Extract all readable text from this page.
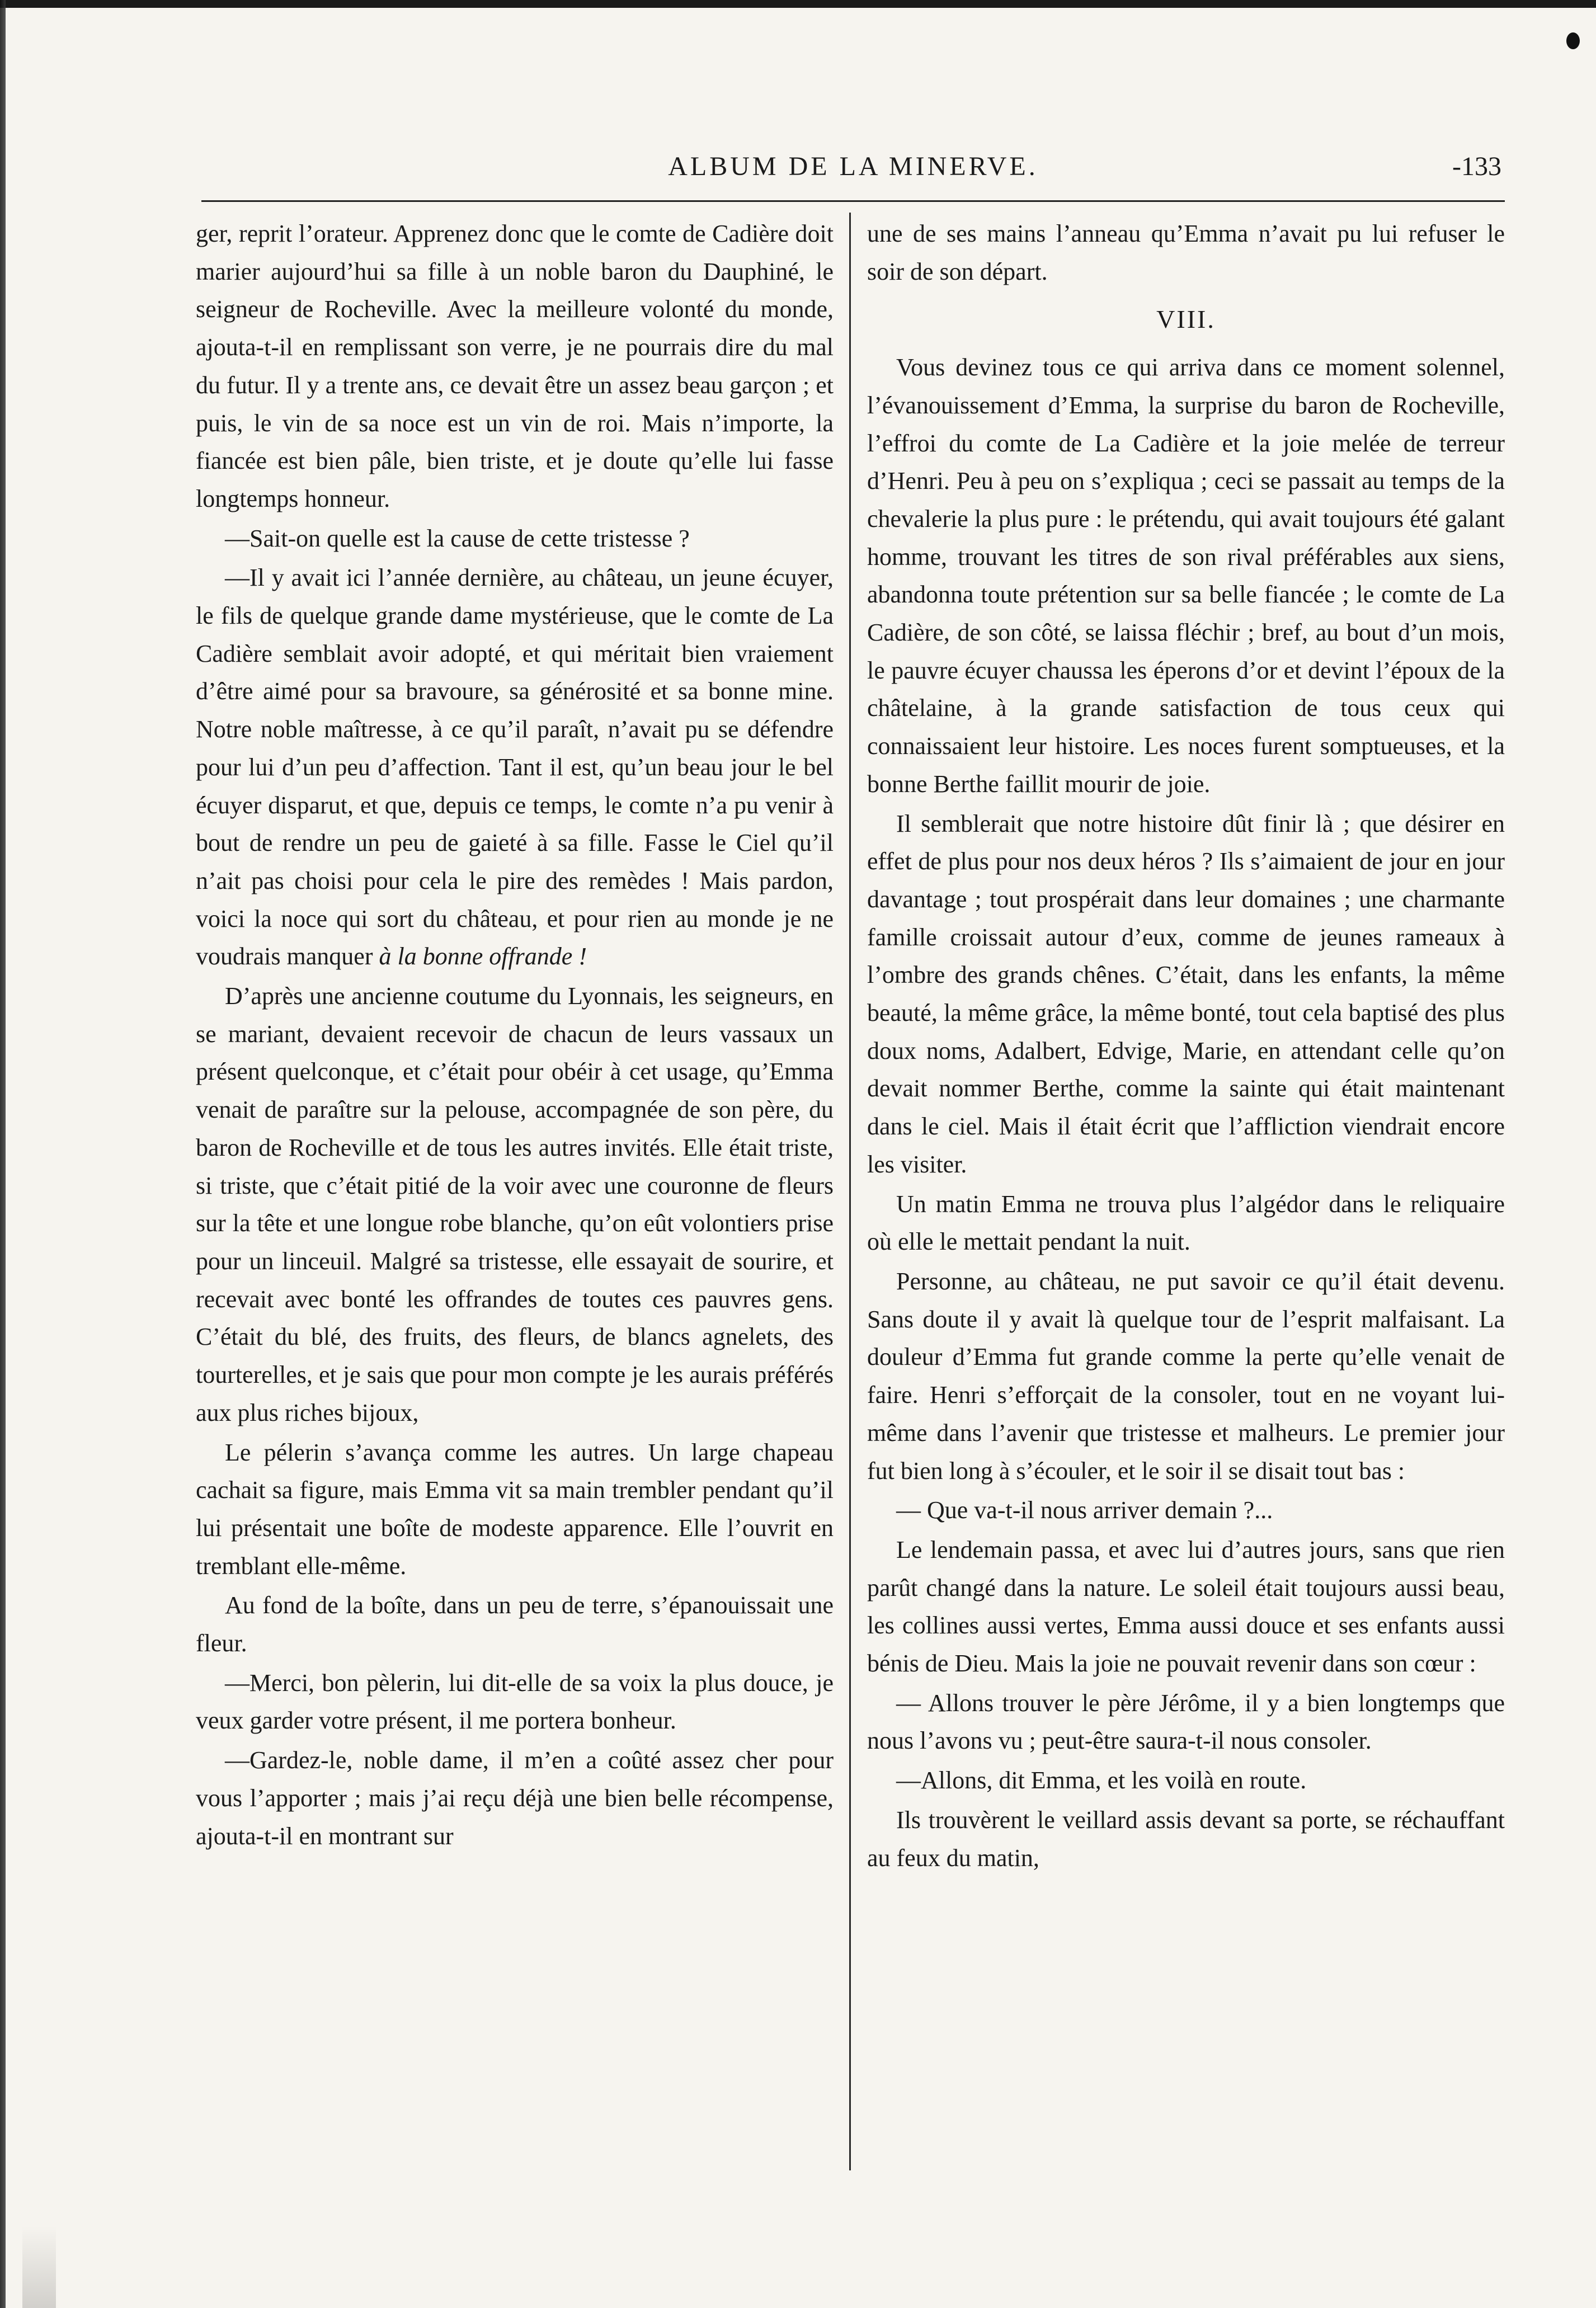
ALBUM DE LA MINERVE.	-133

ger, reprit l’orateur. Apprenez donc que le comte de Cadière doit marier aujourd’hui sa fille à un noble baron du Dauphiné, le seigneur de Rocheville. Avec la meilleure volonté du monde, ajouta-t-il en remplissant son verre, je ne pourrais dire du mal du futur. Il y a trente ans, ce devait être un assez beau garçon ; et puis, le vin de sa noce est un vin de roi. Mais n’importe, la fiancée est bien pâle, bien triste, et je doute qu’elle lui fasse longtemps honneur.

—Sait-on quelle est la cause de cette tristesse ?

—Il y avait ici l’année dernière, au château, un jeune écuyer, le fils de quelque grande dame mystérieuse, que le comte de La Cadière semblait avoir adopté, et qui méritait bien vraiement d’être aimé pour sa bravoure, sa générosité et sa bonne mine. Notre noble maîtresse, à ce qu’il paraît, n’avait pu se défendre pour lui d’un peu d’affection. Tant il est, qu’un beau jour le bel écuyer disparut, et que, depuis ce temps, le comte n’a pu venir à bout de rendre un peu de gaieté à sa fille. Fasse le Ciel qu’il n’ait pas choisi pour cela le pire des remèdes ! Mais pardon, voici la noce qui sort du château, et pour rien au monde je ne voudrais manquer à la bonne offrande !

D’après une ancienne coutume du Lyonnais, les seigneurs, en se mariant, devaient recevoir de chacun de leurs vassaux un présent quelconque, et c’était pour obéir à cet usage, qu’Emma venait de paraître sur la pelouse, accompagnée de son père, du baron de Rocheville et de tous les autres invités. Elle était triste, si triste, que c’était pitié de la voir avec une couronne de fleurs sur la tête et une longue robe blanche, qu’on eût volontiers prise pour un linceuil. Malgré sa tristesse, elle essayait de sourire, et recevait avec bonté les offrandes de toutes ces pauvres gens. C’était du blé, des fruits, des fleurs, de blancs agnelets, des tourterelles, et je sais que pour mon compte je les aurais préférés aux plus riches bijoux,

Le pélerin s’avança comme les autres. Un large chapeau cachait sa figure, mais Emma vit sa main trembler pendant qu’il lui présentait une boîte de modeste apparence. Elle l’ouvrit en tremblant elle-même.

Au fond de la boîte, dans un peu de terre, s’épanouissait une fleur.

—Merci, bon pèlerin, lui dit-elle de sa voix la plus douce, je veux garder votre présent, il me portera bonheur.

—Gardez-le, noble dame, il m’en a coûté assez cher pour vous l’apporter ; mais j’ai reçu déjà une bien belle récompense, ajouta-t-il en montrant sur

une de ses mains l’anneau qu’Emma n’avait pu lui refuser le soir de son départ.

VIII.

Vous devinez tous ce qui arriva dans ce moment solennel, l’évanouissement d’Emma, la surprise du baron de Rocheville, l’effroi du comte de La Cadière et la joie melée de terreur d’Henri. Peu à peu on s’expliqua ; ceci se passait au temps de la chevalerie la plus pure : le prétendu, qui avait toujours été galant homme, trouvant les titres de son rival préférables aux siens, abandonna toute prétention sur sa belle fiancée ; le comte de La Cadière, de son côté, se laissa fléchir ; bref, au bout d’un mois, le pauvre écuyer chaussa les éperons d’or et devint l’époux de la châtelaine, à la grande satisfaction de tous ceux qui connaissaient leur histoire. Les noces furent somptueuses, et la bonne Berthe faillit mourir de joie.

Il semblerait que notre histoire dût finir là ; que désirer en effet de plus pour nos deux héros ? Ils s’aimaient de jour en jour davantage ; tout prospérait dans leur domaines ; une charmante famille croissait autour d’eux, comme de jeunes rameaux à l’ombre des grands chênes. C’était, dans les enfants, la même beauté, la même grâce, la même bonté, tout cela baptisé des plus doux noms, Adalbert, Edvige, Marie, en attendant celle qu’on devait nommer Berthe, comme la sainte qui était maintenant dans le ciel. Mais il était écrit que l’affliction viendrait encore les visiter.

Un matin Emma ne trouva plus l’algédor dans le reliquaire où elle le mettait pendant la nuit.

Personne, au château, ne put savoir ce qu’il était devenu. Sans doute il y avait là quelque tour de l’esprit malfaisant. La douleur d’Emma fut grande comme la perte qu’elle venait de faire. Henri s’efforçait de la consoler, tout en ne voyant lui-même dans l’avenir que tristesse et malheurs. Le premier jour fut bien long à s’écouler, et le soir il se disait tout bas :

— Que va-t-il nous arriver demain ?...

Le lendemain passa, et avec lui d’autres jours, sans que rien parût changé dans la nature. Le soleil était toujours aussi beau, les collines aussi vertes, Emma aussi douce et ses enfants aussi bénis de Dieu. Mais la joie ne pouvait revenir dans son cœur :

— Allons trouver le père Jérôme, il y a bien longtemps que nous l’avons vu ; peut-être saura-t-il nous consoler.

—Allons, dit Emma, et les voilà en route.

Ils trouvèrent le veillard assis devant sa porte, se réchauffant au feux du matin,
